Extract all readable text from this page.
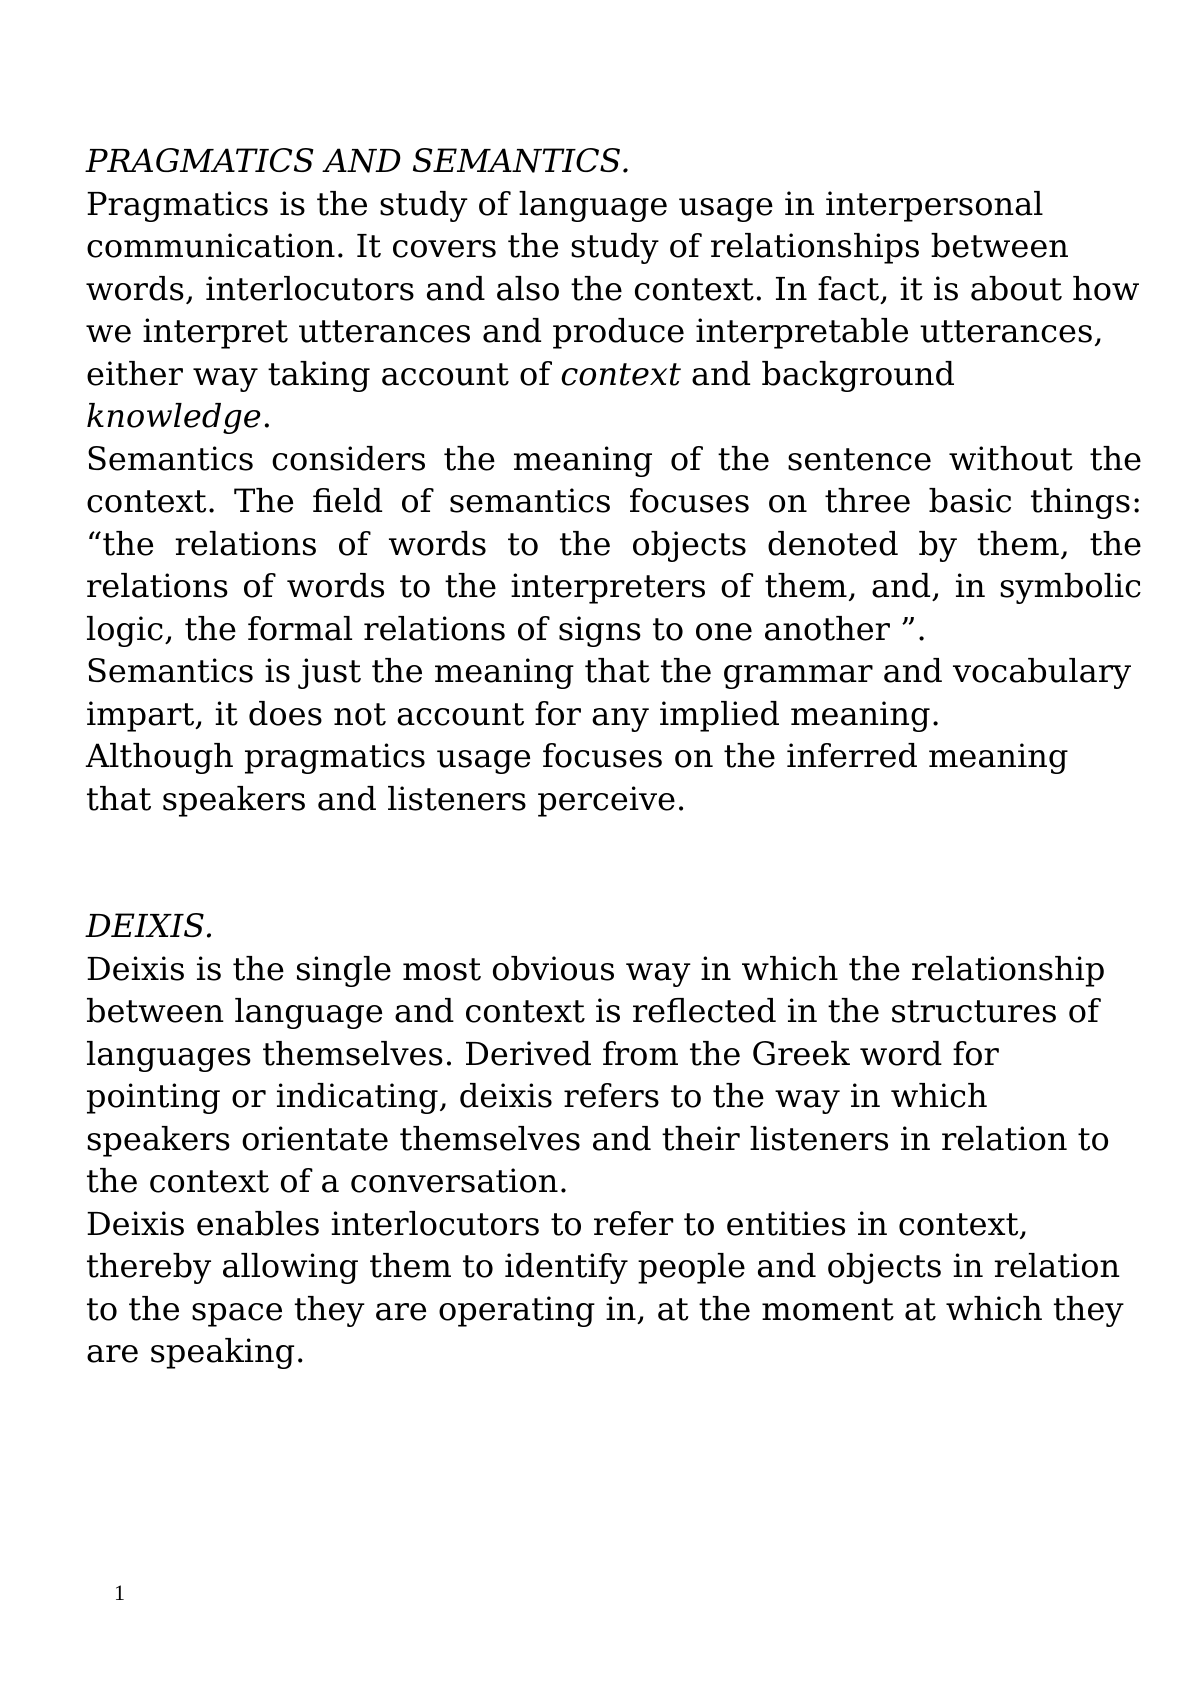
PRAGMATICS AND SEMANTICS.

Pragmatics is the study of language usage in interpersonal communication. It covers the study of relationships between words, interlocutors and also the context. In fact, it is about how we interpret utterances and produce interpretable utterances, either way taking account of context and background knowledge.

Semantics considers the meaning of the sentence without the context. The field of semantics focuses on three basic things: “the relations of words to the objects denoted by them, the relations of words to the interpreters of them, and, in symbolic logic, the formal relations of signs to one another ”.

Semantics is just the meaning that the grammar and vocabulary impart, it does not account for any implied meaning.

Although pragmatics usage focuses on the inferred meaning that speakers and listeners perceive.

DEIXIS.

Deixis is the single most obvious way in which the relationship between language and context is reflected in the structures of languages themselves. Derived from the Greek word for pointing or indicating, deixis refers to the way in which speakers orientate themselves and their listeners in relation to the context of a conversation.

Deixis enables interlocutors to refer to entities in context, thereby allowing them to identify people and objects in relation to the space they are operating in, at the moment at which they are speaking.

1
